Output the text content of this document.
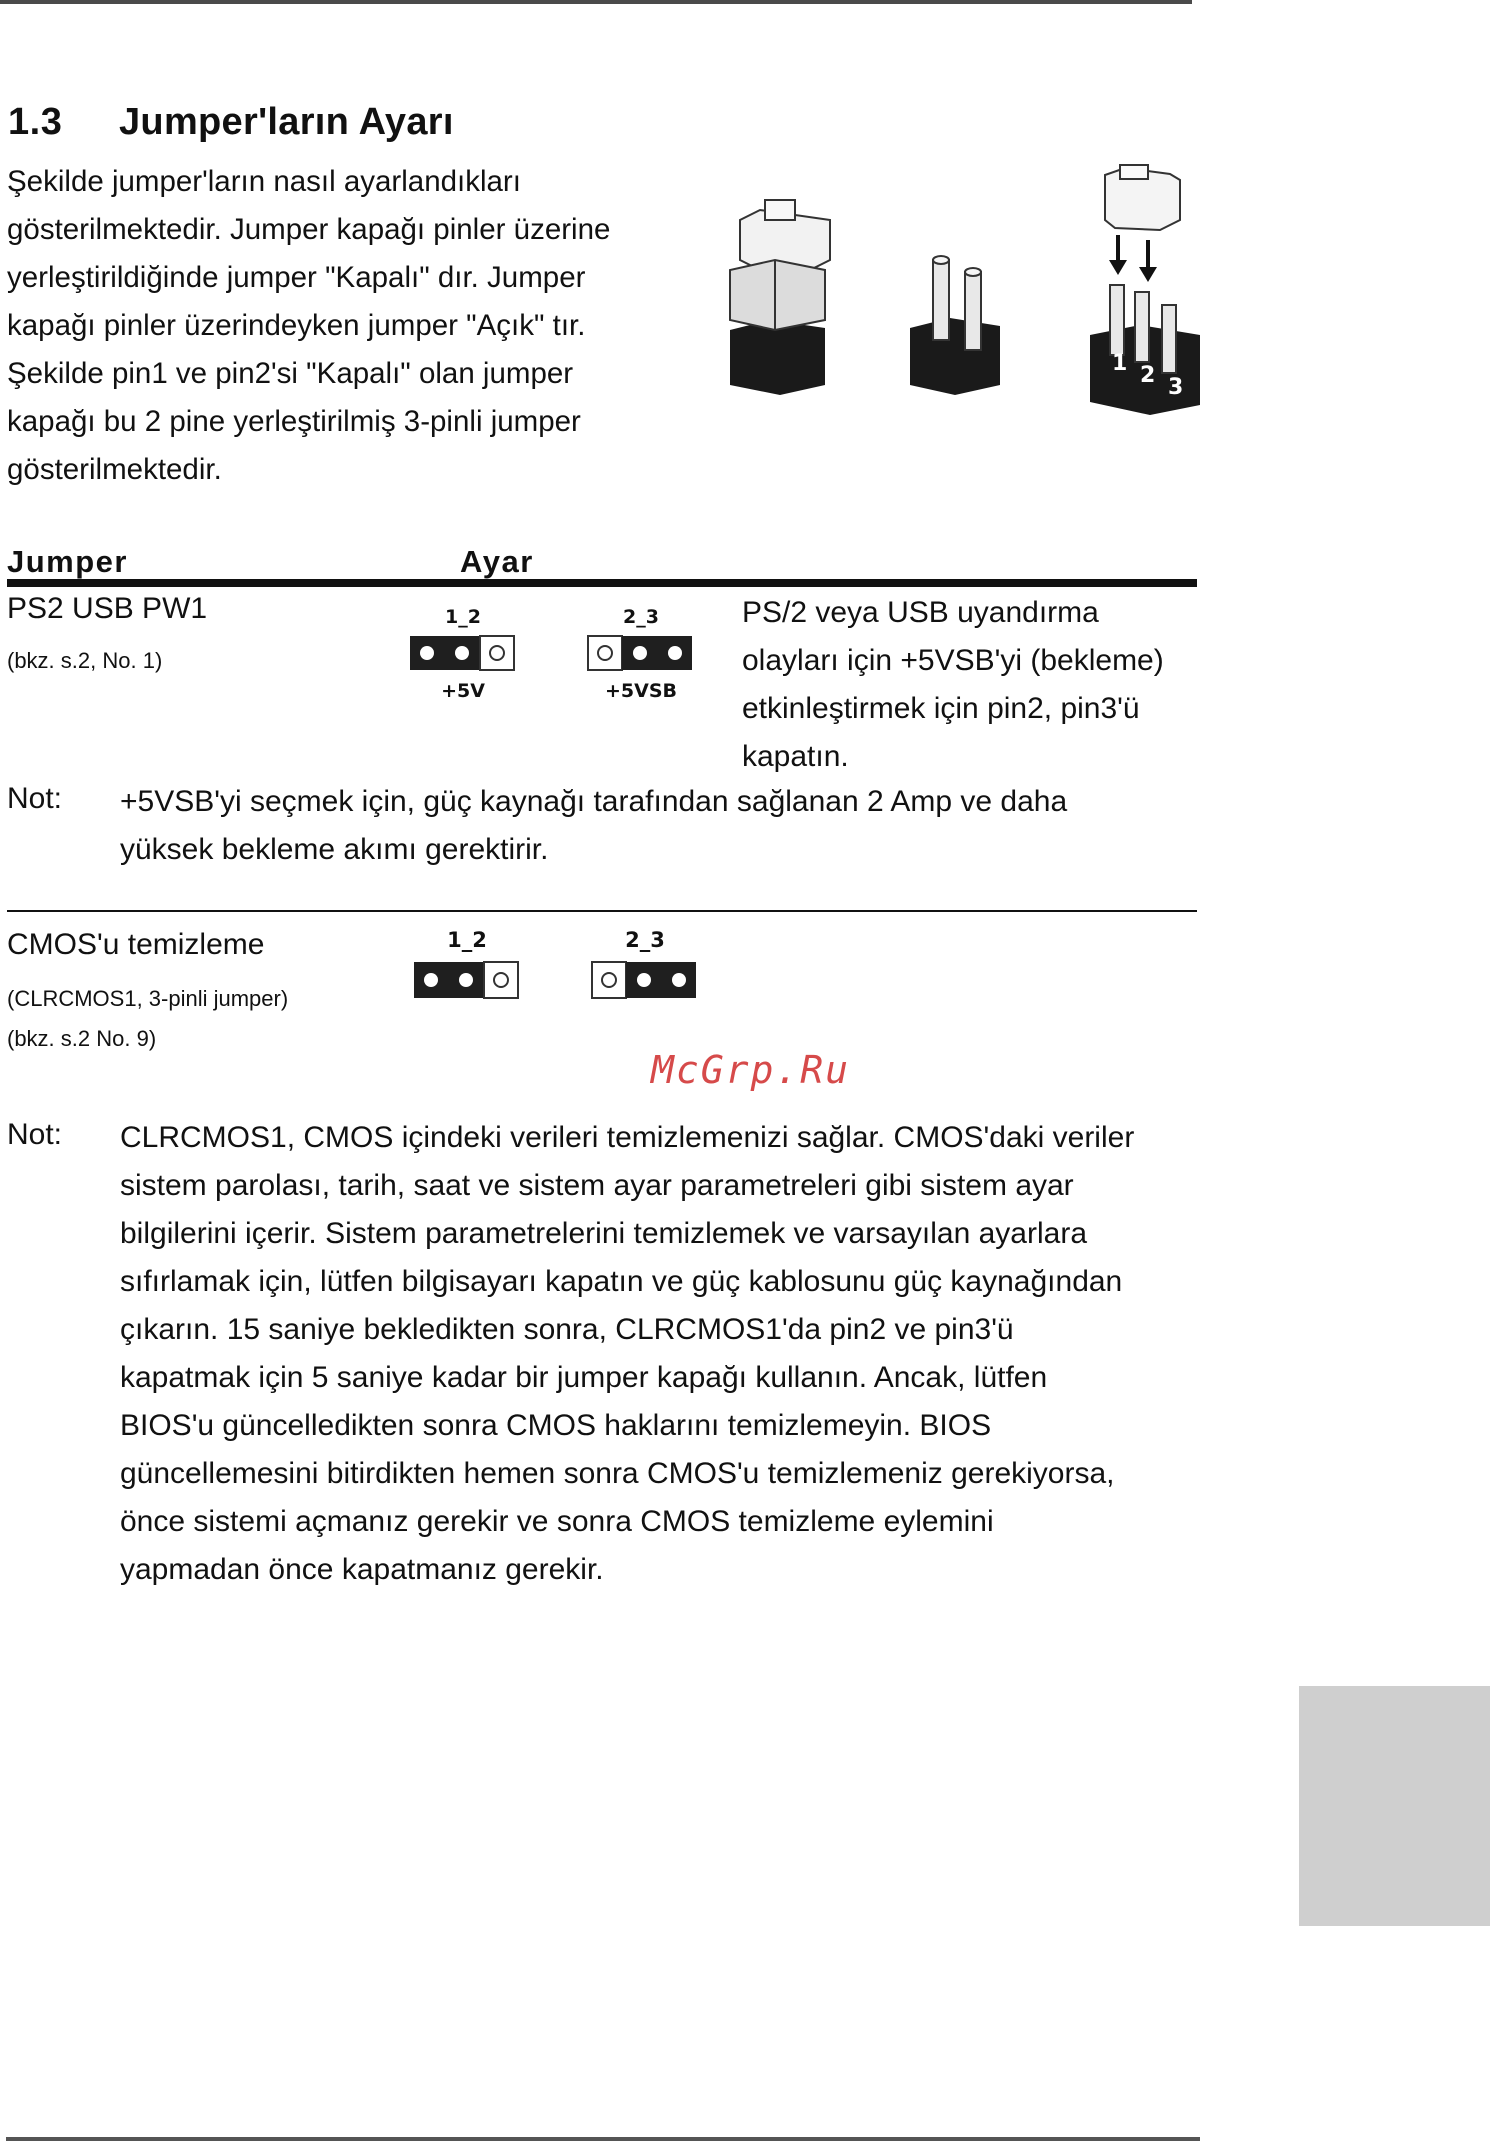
1.3 Jumper'ların Ayarı
Şekilde jumper'ların nasıl ayarlandıkları
gösterilmektedir. Jumper kapağı pinler üzerine
yerleştirildiğinde jumper "Kapalı" dır. Jumper
kapağı pinler üzerindeyken jumper "Açık" tır.
Şekilde pin1 ve pin2'si "Kapalı" olan jumper
kapağı bu 2 pine yerleştirilmiş 3-pinli jumper
gösterilmektedir.
1 2 3
Jumper	Ayar
PS2 USB PW1
(bkz. s.2, No. 1)
1_2
+5V
2_3
+5VSB
PS/2 veya USB uyandırma
olayları için +5VSB'yi (bekleme)
etkinleştirmek için pin2, pin3'ü
kapatın.
Not: +5VSB'yi seçmek için, güç kaynağı tarafından sağlanan 2 Amp ve daha
yüksek bekleme akımı gerektirir.
CMOS'u temizleme
(CLRCMOS1, 3-pinli jumper)
(bkz. s.2 No. 9)
1_2	2_3
McGrp.Ru
Not: CLRCMOS1, CMOS içindeki verileri temizlemenizi sağlar. CMOS'daki veriler
sistem parolası, tarih, saat ve sistem ayar parametreleri gibi sistem ayar
bilgilerini içerir. Sistem parametrelerini temizlemek ve varsayılan ayarlara
sıfırlamak için, lütfen bilgisayarı kapatın ve güç kablosunu güç kaynağından
çıkarın. 15 saniye bekledikten sonra, CLRCMOS1'da pin2 ve pin3'ü
kapatmak için 5 saniye kadar bir jumper kapağı kullanın. Ancak, lütfen
BIOS'u güncelledikten sonra CMOS haklarını temizlemeyin. BIOS
güncellemesini bitirdikten hemen sonra CMOS'u temizlemeniz gerekiyorsa,
önce sistemi açmanız gerekir ve sonra CMOS temizleme eylemini
yapmadan önce kapatmanız gerekir.
